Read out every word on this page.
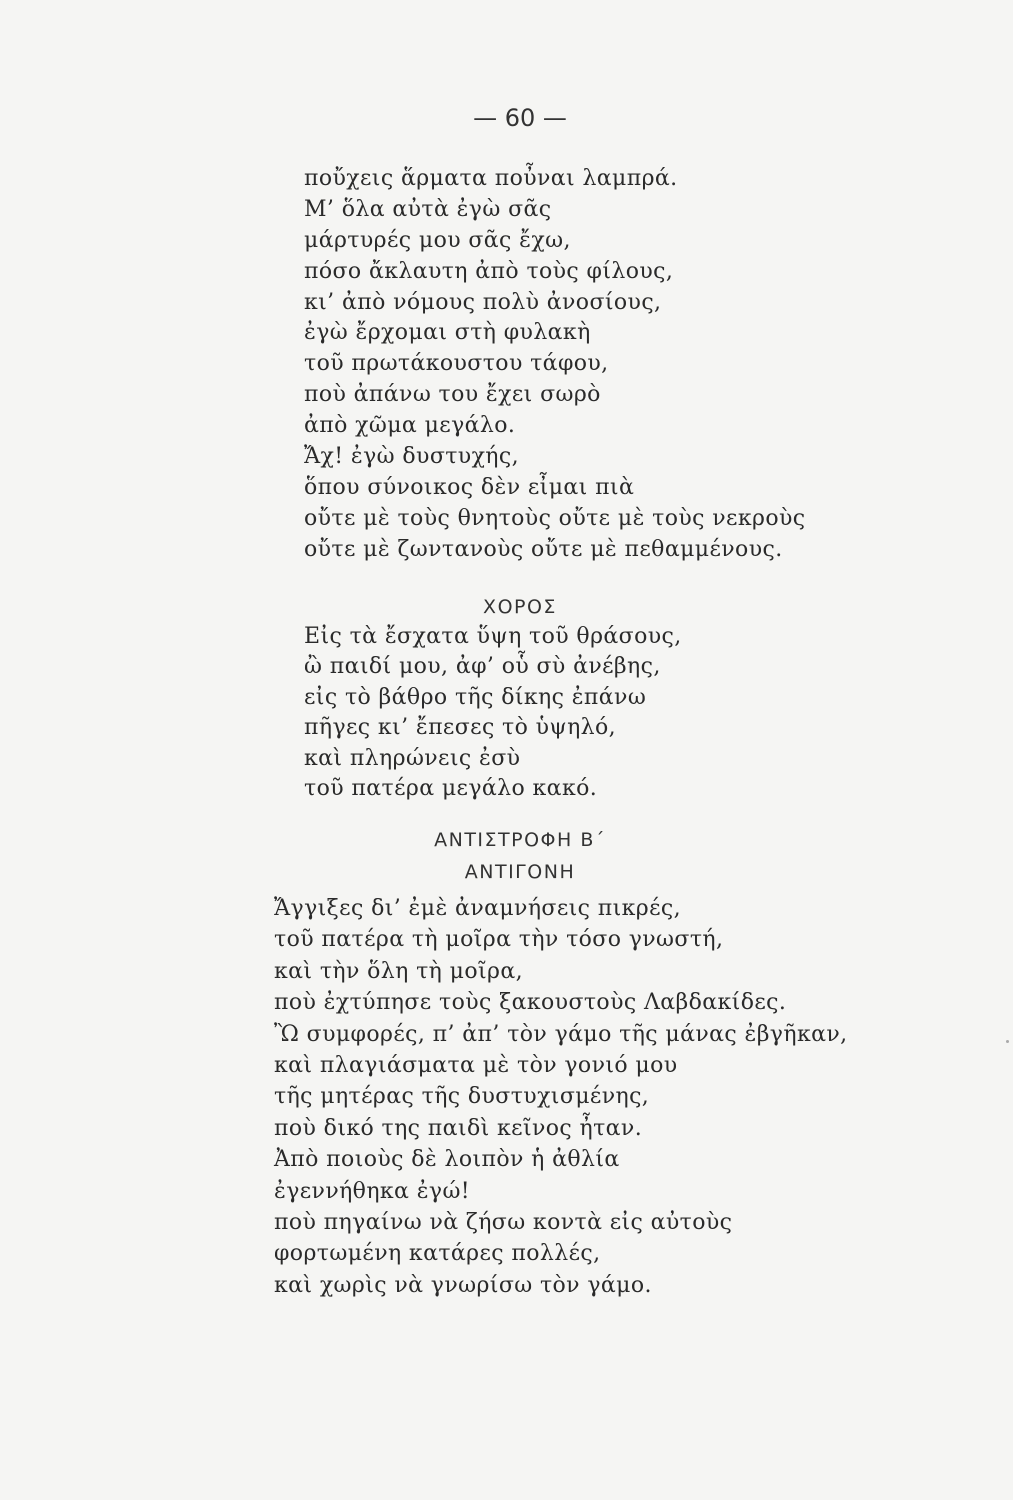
— 60 —
ποὔχεις ἅρματα ποὖναι λαμπρά.
Μ’ ὅλα αὐτὰ ἐγὼ σᾶς
μάρτυρές μου σᾶς ἔχω,
πόσο ἄκλαυτη ἀπὸ τοὺς φίλους,
κι’ ἀπὸ νόμους πολὺ ἀνοσίους,
ἐγὼ ἔρχομαι στὴ φυλακὴ
τοῦ πρωτάκουστου τάφου,
ποὺ ἀπάνω του ἔχει σωρὸ
ἀπὸ χῶμα μεγάλο.
Ἄχ! ἐγὼ δυστυχής,
ὅπου σύνοικος δὲν εἶμαι πιὰ
οὔτε μὲ τοὺς θνητοὺς οὔτε μὲ τοὺς νεκροὺς
οὔτε μὲ ζωντανοὺς οὔτε μὲ πεθαμμένους.
ΧΟΡΟΣ
Εἰς τὰ ἔσχατα ὕψη τοῦ θράσους,
ὢ παιδί μου, ἀφ’ οὗ σὺ ἀνέβης,
εἰς τὸ βάθρο τῆς δίκης ἐπάνω
πῆγες κι’ ἔπεσες τὸ ὑψηλό,
καὶ πληρώνεις ἐσὺ
τοῦ πατέρα μεγάλο κακό.
ΑΝΤΙΣΤΡΟΦΗ Β΄
ΑΝΤΙΓΟΝΗ
Ἄγγιξες δι’ ἐμὲ ἀναμνήσεις πικρές,
τοῦ πατέρα τὴ μοῖρα τὴν τόσο γνωστή,
καὶ τὴν ὅλη τὴ μοῖρα,
ποὺ ἐχτύπησε τοὺς ξακουστοὺς Λαβδακίδες.
Ὢ συμφορές, π’ ἀπ’ τὸν γάμο τῆς μάνας ἐβγῆκαν,
καὶ πλαγιάσματα μὲ τὸν γονιό μου
τῆς μητέρας τῆς δυστυχισμένης,
ποὺ δικό της παιδὶ κεῖνος ἦταν.
Ἀπὸ ποιοὺς δὲ λοιπὸν ἡ ἀθλία
ἐγεννήθηκα ἐγώ!
ποὺ πηγαίνω νὰ ζήσω κοντὰ εἰς αὐτοὺς
φορτωμένη κατάρες πολλές,
καὶ χωρὶς νὰ γνωρίσω τὸν γάμο.
